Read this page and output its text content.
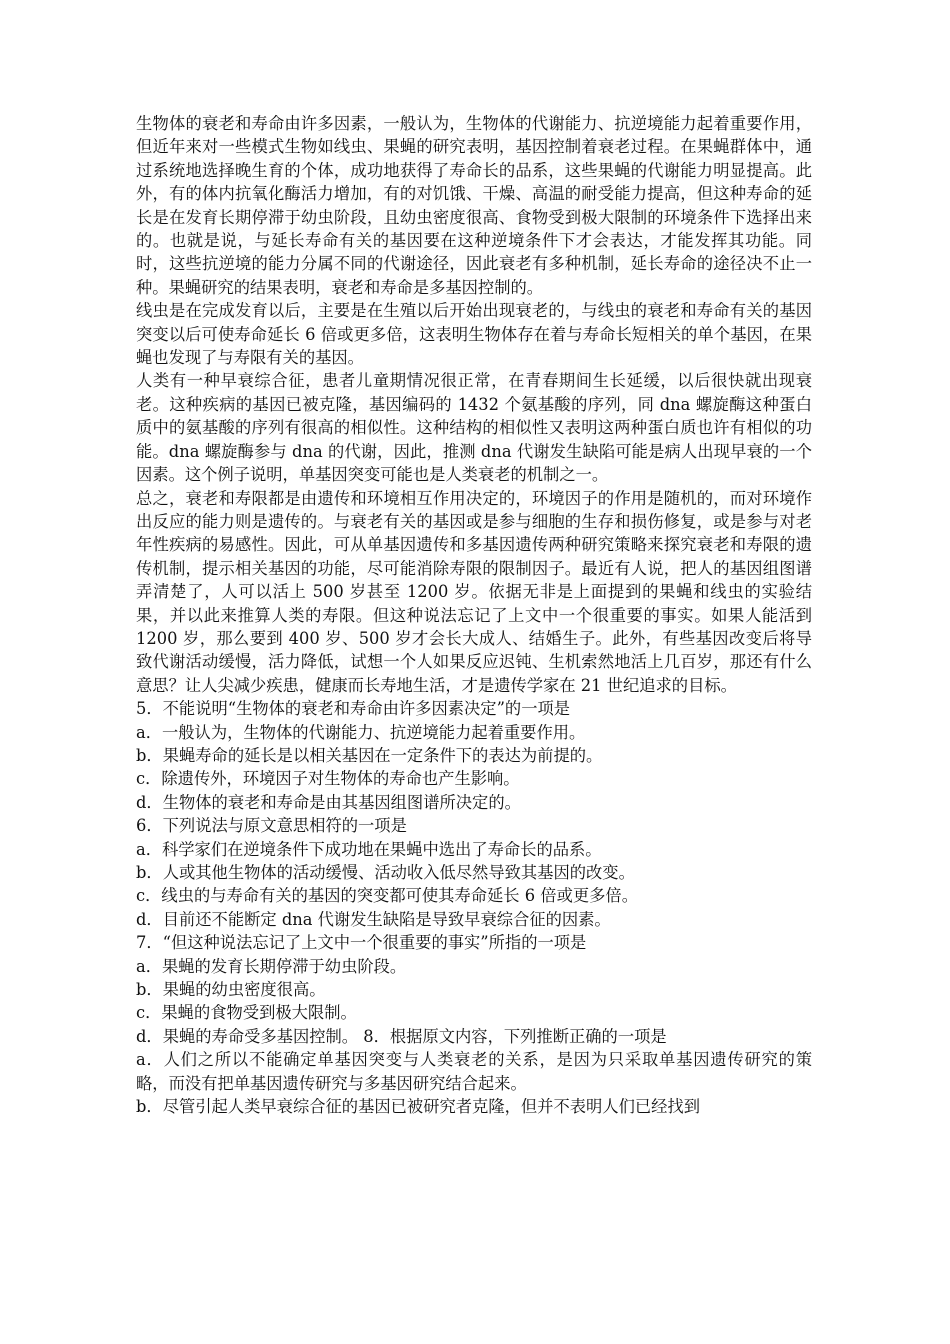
生物体的衰老和寿命由许多因素，一般认为，生物体的代谢能力、抗逆境能力起着重要作用，但近年来对一些模式生物如线虫、果蝇的研究表明，基因控制着衰老过程。在果蝇群体中，通过系统地选择晚生育的个体，成功地获得了寿命长的品系，这些果蝇的代谢能力明显提高。此外，有的体内抗氧化酶活力增加，有的对饥饿、干燥、高温的耐受能力提高，但这种寿命的延长是在发育长期停滞于幼虫阶段，且幼虫密度很高、食物受到极大限制的环境条件下选择出来的。也就是说，与延长寿命有关的基因要在这种逆境条件下才会表达，才能发挥其功能。同时，这些抗逆境的能力分属不同的代谢途径，因此衰老有多种机制，延长寿命的途径决不止一种。果蝇研究的结果表明，衰老和寿命是多基因控制的。

线虫是在完成发育以后，主要是在生殖以后开始出现衰老的，与线虫的衰老和寿命有关的基因突变以后可使寿命延长 6 倍或更多倍，这表明生物体存在着与寿命长短相关的单个基因，在果蝇也发现了与寿限有关的基因。

人类有一种早衰综合征，患者儿童期情况很正常，在青春期间生长延缓，以后很快就出现衰老。这种疾病的基因已被克隆，基因编码的 1432 个氨基酸的序列，同 dna 螺旋酶这种蛋白质中的氨基酸的序列有很高的相似性。这种结构的相似性又表明这两种蛋白质也许有相似的功能。dna 螺旋酶参与 dna 的代谢，因此，推测 dna 代谢发生缺陷可能是病人出现早衰的一个因素。这个例子说明，单基因突变可能也是人类衰老的机制之一。

总之，衰老和寿限都是由遗传和环境相互作用决定的，环境因子的作用是随机的，而对环境作出反应的能力则是遗传的。与衰老有关的基因或是参与细胞的生存和损伤修复，或是参与对老年性疾病的易感性。因此，可从单基因遗传和多基因遗传两种研究策略来探究衰老和寿限的遗传机制，提示相关基因的功能，尽可能消除寿限的限制因子。最近有人说，把人的基因组图谱弄清楚了，人可以活上 500 岁甚至 1200 岁。依据无非是上面提到的果蝇和线虫的实验结果，并以此来推算人类的寿限。但这种说法忘记了上文中一个很重要的事实。如果人能活到 1200 岁，那么要到 400 岁、500 岁才会长大成人、结婚生子。此外，有些基因改变后将导致代谢活动缓慢，活力降低，试想一个人如果反应迟钝、生机索然地活上几百岁，那还有什么意思？让人尖减少疾患，健康而长寿地生活，才是遗传学家在 21 世纪追求的目标。

5．不能说明“生物体的衰老和寿命由许多因素决定”的一项是

a．一般认为，生物体的代谢能力、抗逆境能力起着重要作用。

b．果蝇寿命的延长是以相关基因在一定条件下的表达为前提的。

c．除遗传外，环境因子对生物体的寿命也产生影响。

d．生物体的衰老和寿命是由其基因组图谱所决定的。

6．下列说法与原文意思相符的一项是

a．科学家们在逆境条件下成功地在果蝇中选出了寿命长的品系。

b．人或其他生物体的活动缓慢、活动收入低尽然导致其基因的改变。

c．线虫的与寿命有关的基因的突变都可使其寿命延长 6 倍或更多倍。

d．目前还不能断定 dna 代谢发生缺陷是导致早衰综合征的因素。

7．“但这种说法忘记了上文中一个很重要的事实”所指的一项是

a．果蝇的发育长期停滞于幼虫阶段。

b．果蝇的幼虫密度很高。

c．果蝇的食物受到极大限制。

d．果蝇的寿命受多基因控制。 8．根据原文内容，下列推断正确的一项是

a．人们之所以不能确定单基因突变与人类衰老的关系，是因为只采取单基因遗传研究的策略，而没有把单基因遗传研究与多基因研究结合起来。

b．尽管引起人类早衰综合征的基因已被研究者克隆，但并不表明人们已经找到
